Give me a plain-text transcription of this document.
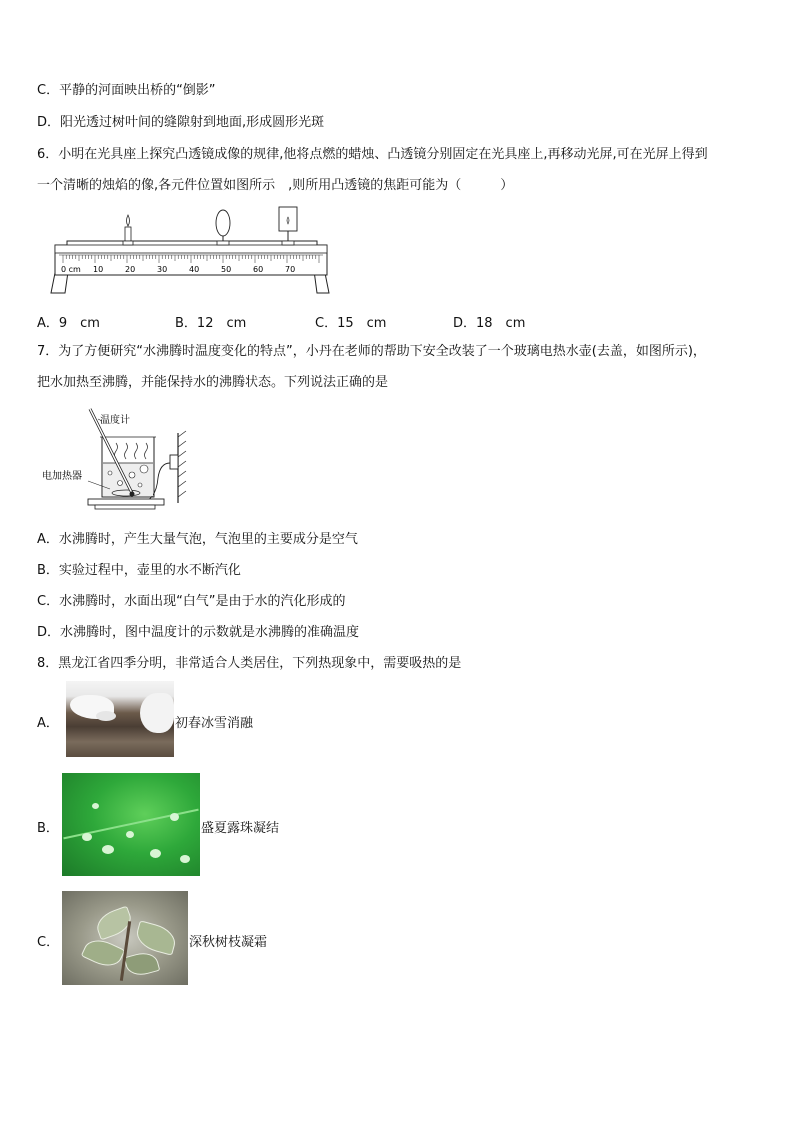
C．平静的河面映出桥的“倒影”
D．阳光透过树叶间的缝隙射到地面,形成圆形光斑
6．小明在光具座上探究凸透镜成像的规律,他将点燃的蜡烛、凸透镜分别固定在光具座上,再移动光屏,可在光屏上得到
一个清晰的烛焰的像,各元件位置如图所示　,则所用凸透镜的焦距可能为（　　　）
0 cm 10	20	30	40	50	60	70
A．9　cm	B．12　cm	C．15　cm	D．18　cm
7．为了方便研究“水沸腾时温度变化的特点”，小丹在老师的帮助下安全改装了一个玻璃电热水壶(去盖，如图所示)，
把水加热至沸腾，并能保持水的沸腾状态。下列说法正确的是
温度计
电加热器
A．水沸腾时，产生大量气泡，气泡里的主要成分是空气
B．实验过程中，壶里的水不断汽化
C．水沸腾时，水面出现“白气”是由于水的汽化形成的
D．水沸腾时，图中温度计的示数就是水沸腾的准确温度
8．黑龙江省四季分明，非常适合人类居住，下列热现象中，需要吸热的是
A．	初春冰雪消融
B．	盛夏露珠凝结
C．	深秋树枝凝霜
